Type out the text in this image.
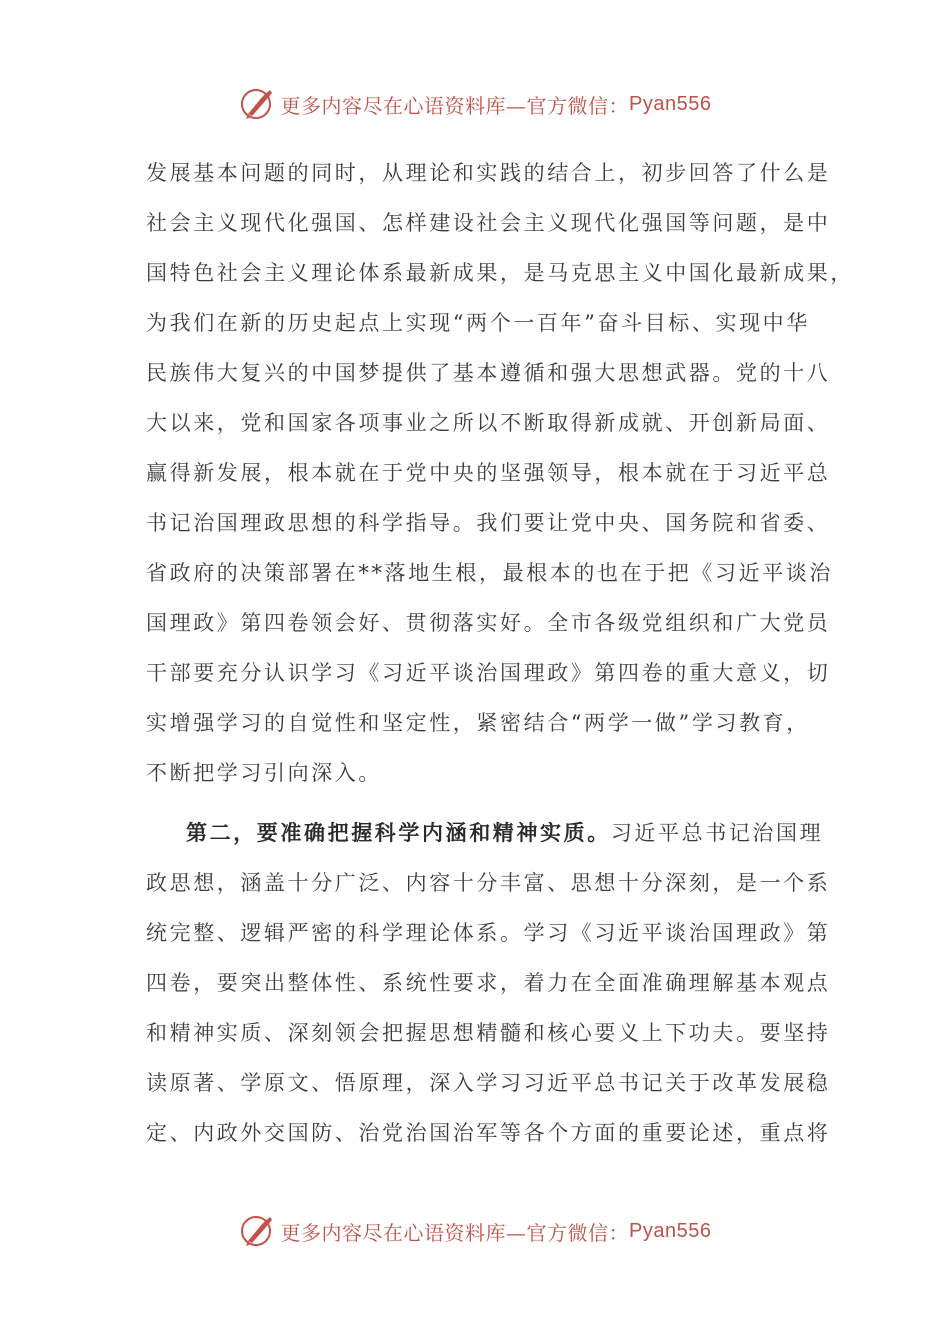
更多内容尽在心语资料库—官方微信： Pyan556
发展基本问题的同时，从理论和实践的结合上，初步回答了什么是
社会主义现代化强国、怎样建设社会主义现代化强国等问题，是中
国特色社会主义理论体系最新成果，是马克思主义中国化最新成果，
为我们在新的历史起点上实现“两个一百年”奋斗目标、实现中华
民族伟大复兴的中国梦提供了基本遵循和强大思想武器。党的十八
大以来，党和国家各项事业之所以不断取得新成就、开创新局面、
赢得新发展，根本就在于党中央的坚强领导，根本就在于习近平总
书记治国理政思想的科学指导。我们要让党中央、国务院和省委、
省政府的决策部署在**落地生根，最根本的也在于把《习近平谈治
国理政》第四卷领会好、贯彻落实好。全市各级党组织和广大党员
干部要充分认识学习《习近平谈治国理政》第四卷的重大意义，切
实增强学习的自觉性和坚定性，紧密结合“两学一做”学习教育，
不断把学习引向深入。
第二，要准确把握科学内涵和精神实质。习近平总书记治国理
政思想，涵盖十分广泛、内容十分丰富、思想十分深刻，是一个系
统完整、逻辑严密的科学理论体系。学习《习近平谈治国理政》第
四卷，要突出整体性、系统性要求，着力在全面准确理解基本观点
和精神实质、深刻领会把握思想精髓和核心要义上下功夫。要坚持
读原著、学原文、悟原理，深入学习习近平总书记关于改革发展稳
定、内政外交国防、治党治国治军等各个方面的重要论述，重点将
更多内容尽在心语资料库—官方微信： Pyan556
